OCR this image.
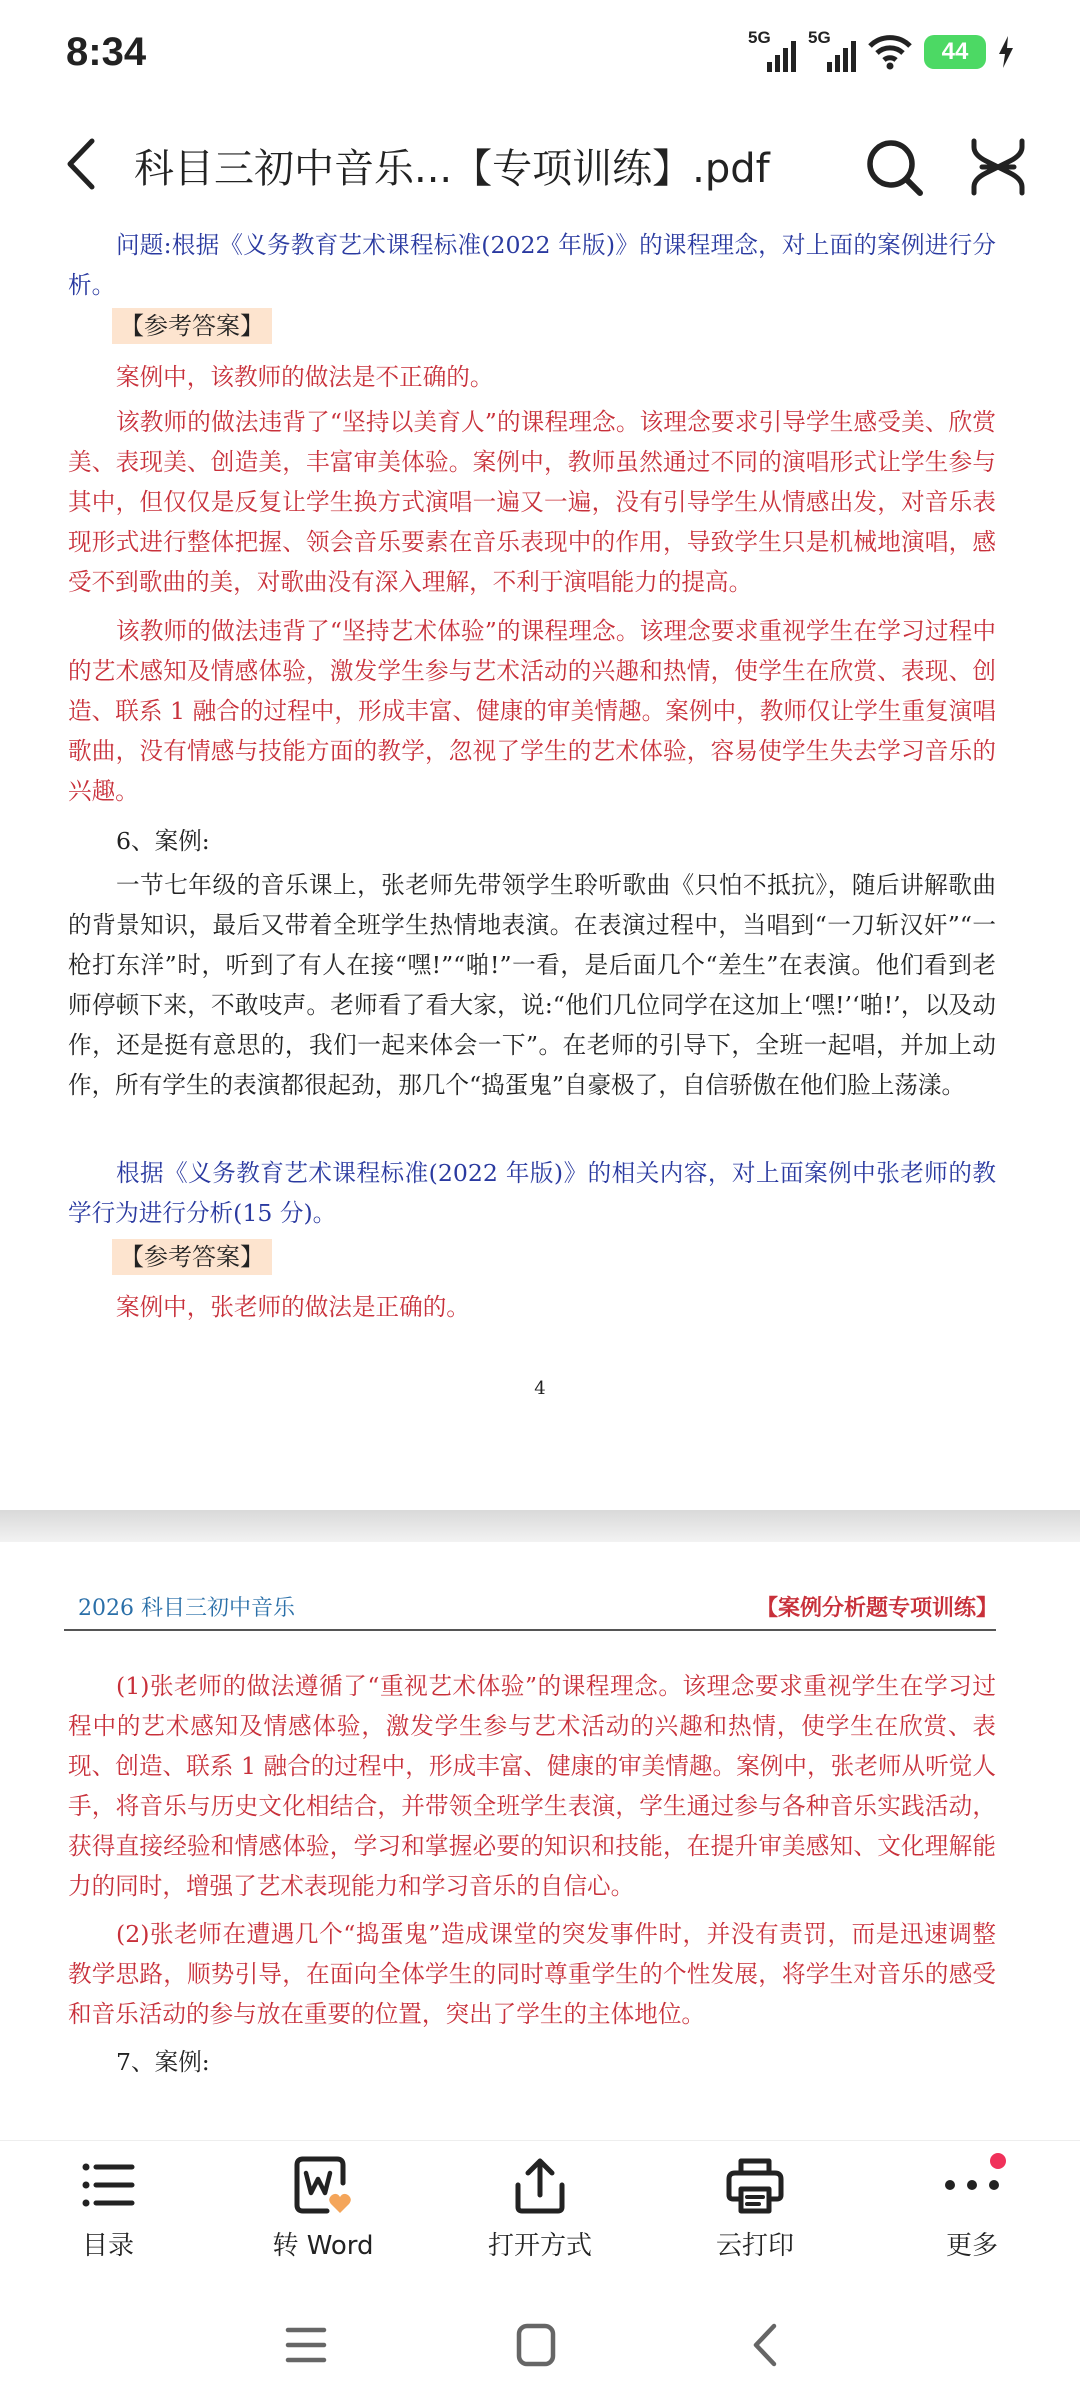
8:34	5G 5G
44
科目三初中音乐...【专项训练】.pdf
问题:根据《义务教育艺术课程标准(2022 年版)》的课程理念，对上面的案例进行分析。
【参考答案】
案例中，该教师的做法是不正确的。
该教师的做法违背了“坚持以美育人”的课程理念。该理念要求引导学生感受美、欣赏美、表现美、创造美，丰富审美体验。案例中，教师虽然通过不同的演唱形式让学生参与其中，但仅仅是反复让学生换方式演唱一遍又一遍，没有引导学生从情感出发，对音乐表现形式进行整体把握、领会音乐要素在音乐表现中的作用，导致学生只是机械地演唱，感受不到歌曲的美，对歌曲没有深入理解，不利于演唱能力的提高。
该教师的做法违背了“坚持艺术体验”的课程理念。该理念要求重视学生在学习过程中的艺术感知及情感体验，激发学生参与艺术活动的兴趣和热情，使学生在欣赏、表现、创造、联系 1 融合的过程中，形成丰富、健康的审美情趣。案例中，教师仅让学生重复演唱歌曲，没有情感与技能方面的教学，忽视了学生的艺术体验，容易使学生失去学习音乐的兴趣。
6、案例:
一节七年级的音乐课上，张老师先带领学生聆听歌曲《只怕不抵抗》，随后讲解歌曲的背景知识，最后又带着全班学生热情地表演。在表演过程中，当唱到“一刀斩汉奸”“一枪打东洋”时，听到了有人在接“嘿!”“啪!”一看，是后面几个“差生”在表演。他们看到老师停顿下来，不敢吱声。老师看了看大家，说:“他们几位同学在这加上‘嘿!’‘啪!’，以及动作，还是挺有意思的，我们一起来体会一下”。在老师的引导下，全班一起唱，并加上动作，所有学生的表演都很起劲，那几个“捣蛋鬼”自豪极了，自信骄傲在他们脸上荡漾。
根据《义务教育艺术课程标准(2022 年版)》的相关内容，对上面案例中张老师的教学行为进行分析(15 分)。
【参考答案】
案例中，张老师的做法是正确的。
4
2026 科目三初中音乐	【案例分析题专项训练】
(1)张老师的做法遵循了“重视艺术体验”的课程理念。该理念要求重视学生在学习过程中的艺术感知及情感体验，激发学生参与艺术活动的兴趣和热情，使学生在欣赏、表现、创造、联系 1 融合的过程中，形成丰富、健康的审美情趣。案例中，张老师从听觉人手，将音乐与历史文化相结合，并带领全班学生表演，学生通过参与各种音乐实践活动，获得直接经验和情感体验，学习和掌握必要的知识和技能，在提升审美感知、文化理解能力的同时，增强了艺术表现能力和学习音乐的自信心。
(2)张老师在遭遇几个“捣蛋鬼”造成课堂的突发事件时，并没有责罚，而是迅速调整教学思路，顺势引导，在面向全体学生的同时尊重学生的个性发展，将学生对音乐的感受和音乐活动的参与放在重要的位置，突出了学生的主体地位。
7、案例:
目录	转 Word	打开方式	云打印	更多
